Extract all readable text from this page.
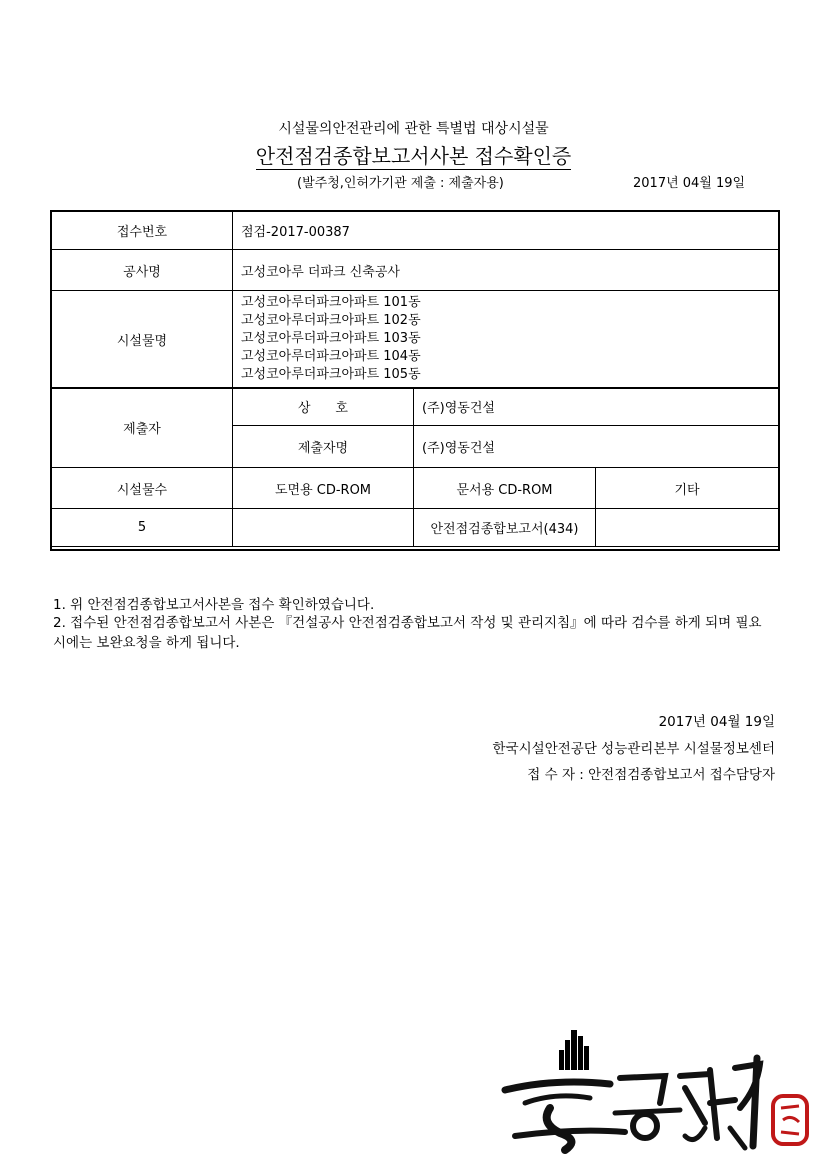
시설물의안전관리에 관한 특별법 대상시설물
안전점검종합보고서사본 접수확인증
(발주청,인허가기관 제출 : 제출자용)	2017년 04월 19일
접수번호	점검-2017-00387		
공사명	고성코아루 더파크 신축공사		
시설물명	고성코아루더파크아파트 101동
고성코아루더파크아파트 102동
고성코아루더파크아파트 103동
고성코아루더파크아파트 104동
고성코아루더파크아파트 105동		

제출자	상      호	(주)영동건설	
	제출자명	(주)영동건설	
시설물수	도면용 CD-ROM	문서용 CD-ROM	기타
5		안전점검종합보고서(434)	
1. 위 안전점검종합보고서사본을 접수 확인하였습니다.
2. 접수된 안전점검종합보고서 사본은 『건설공사 안전점검종합보고서 작성 및 관리지침』에 따라 검수를 하게 되며 필요시에는 보완요청을 하게 됩니다.
2017년 04월 19일
한국시설안전공단 성능관리본부 시설물정보센터
접 수 자 : 안전점검종합보고서 접수담당자
